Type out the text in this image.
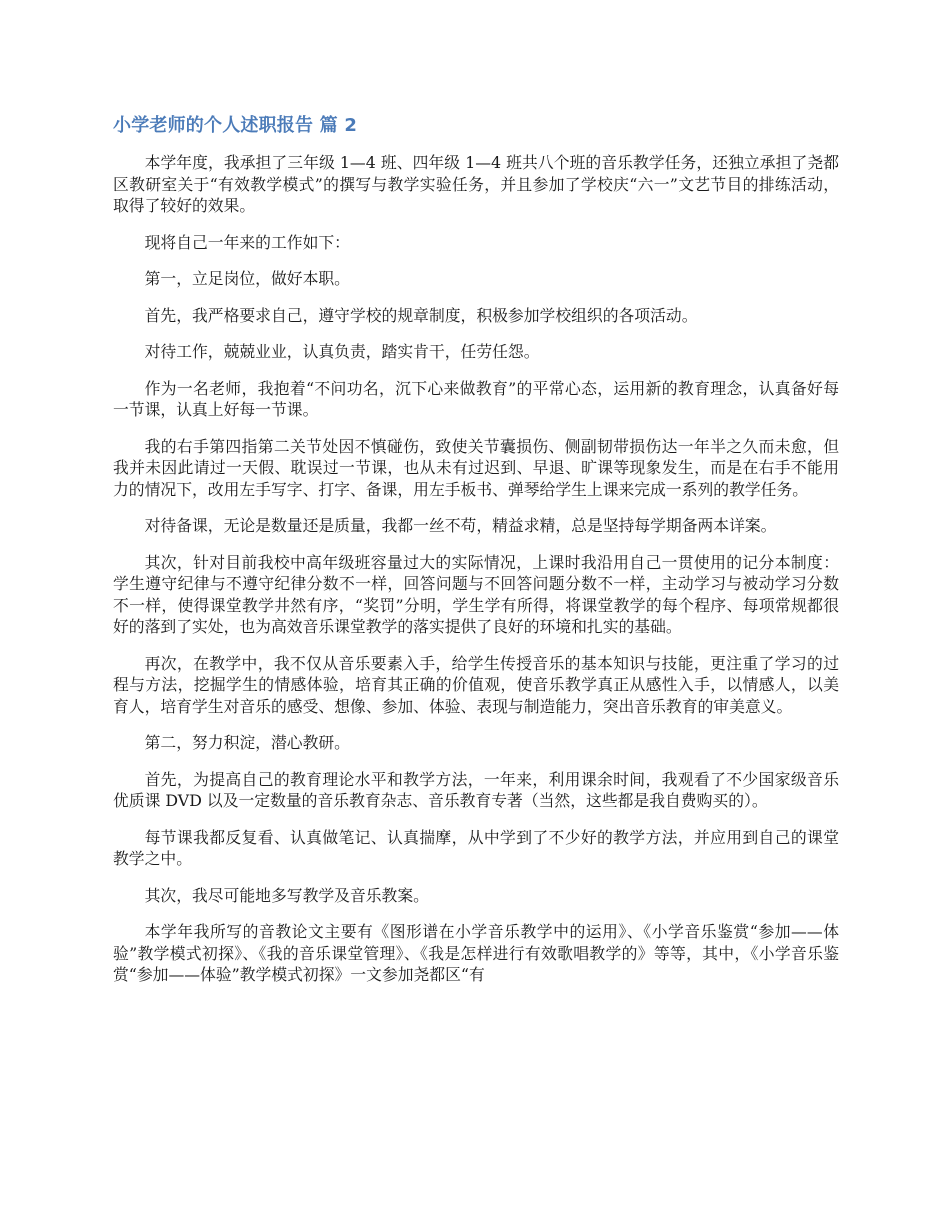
小学老师的个人述职报告 篇 2

本学年度，我承担了三年级 1—4 班、四年级 1—4 班共八个班的音乐教学任务，还独立承担了尧都区教研室关于“有效教学模式”的撰写与教学实验任务，并且参加了学校庆“六一”文艺节目的排练活动，取得了较好的效果。

现将自己一年来的工作如下：

第一，立足岗位，做好本职。

首先，我严格要求自己，遵守学校的规章制度，积极参加学校组织的各项活动。

对待工作，兢兢业业，认真负责，踏实肯干，任劳任怨。

作为一名老师，我抱着“不问功名，沉下心来做教育”的平常心态，运用新的教育理念，认真备好每一节课，认真上好每一节课。

我的右手第四指第二关节处因不慎碰伤，致使关节囊损伤、侧副韧带损伤达一年半之久而未愈，但我并未因此请过一天假、耽误过一节课，也从未有过迟到、早退、旷课等现象发生，而是在右手不能用力的情况下，改用左手写字、打字、备课，用左手板书、弹琴给学生上课来完成一系列的教学任务。

对待备课，无论是数量还是质量，我都一丝不苟，精益求精，总是坚持每学期备两本详案。

其次，针对目前我校中高年级班容量过大的实际情况，上课时我沿用自己一贯使用的记分本制度：学生遵守纪律与不遵守纪律分数不一样，回答问题与不回答问题分数不一样，主动学习与被动学习分数不一样，使得课堂教学井然有序，“奖罚”分明，学生学有所得，将课堂教学的每个程序、每项常规都很好的落到了实处，也为高效音乐课堂教学的落实提供了良好的环境和扎实的基础。

再次，在教学中，我不仅从音乐要素入手，给学生传授音乐的基本知识与技能，更注重了学习的过程与方法，挖掘学生的情感体验，培育其正确的价值观，使音乐教学真正从感性入手，以情感人，以美育人，培育学生对音乐的感受、想像、参加、体验、表现与制造能力，突出音乐教育的审美意义。

第二，努力积淀，潜心教研。

首先，为提高自己的教育理论水平和教学方法，一年来，利用课余时间，我观看了不少国家级音乐优质课 DVD 以及一定数量的音乐教育杂志、音乐教育专著（当然，这些都是我自费购买的）。

每节课我都反复看、认真做笔记、认真揣摩，从中学到了不少好的教学方法，并应用到自己的课堂教学之中。

其次，我尽可能地多写教学及音乐教案。

本学年我所写的音教论文主要有《图形谱在小学音乐教学中的运用》、《小学音乐鉴赏“参加——体验”教学模式初探》、《我的音乐课堂管理》、《我是怎样进行有效歌唱教学的》等等，其中，《小学音乐鉴赏“参加——体验”教学模式初探》一文参加尧都区“有
